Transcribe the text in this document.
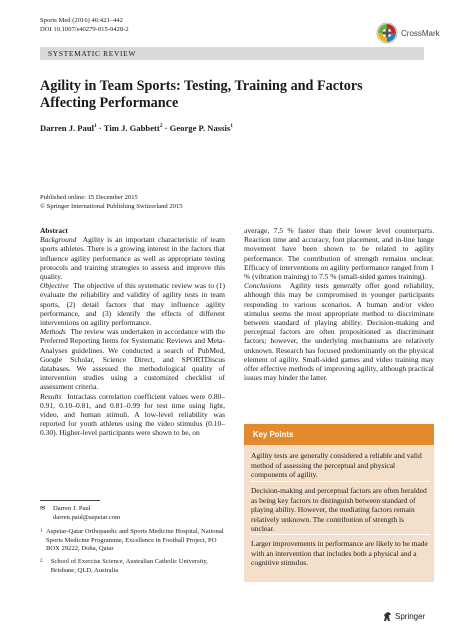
Sports Med (2016) 46:421–442
DOI 10.1007/s40279-015-0428-2	CrossMark
SYSTEMATIC REVIEW
Agility in Team Sports: Testing, Training and Factors Affecting Performance
Darren J. Paul$^1$ · Tim J. Gabbett$^2$ · George P. Nassis$^1$
Published online: 15 December 2015
© Springer International Publishing Switzerland 2015

Abstract

Background Agility is an important characteristic of team sports athletes. There is a growing interest in the factors that influence agility performance as well as appropriate testing protocols and training strategies to assess and improve this quality.

Objective The objective of this systematic review was to (1) evaluate the reliability and validity of agility tests in team sports, (2) detail factors that may influence agility performance, and (3) identify the effects of different interventions on agility performance.

Methods The review was undertaken in accordance with the Preferred Reporting Items for Systematic Reviews and Meta-Analyses guidelines. We conducted a search of PubMed, Google Scholar, Science Direct, and SPORTDiscus databases. We assessed the methodological quality of intervention studies using a customized checklist of assessment criteria.

Results Intraclass correlation coefficient values were 0.80–0.91, 0.10–0.81, and 0.81–0.99 for test time using light, video, and human stimuli. A low-level reliability was reported for youth athletes using the video stimulus (0.10–0.30). Higher-level participants were shown to be, on

average, 7.5 % faster than their lower level counterparts. Reaction time and accuracy, foot placement, and in-line lunge movement have been shown to be related to agility performance. The contribution of strength remains unclear. Efficacy of interventions on agility performance ranged from 1 % (vibration training) to 7.5 % (small-sided games training).

Conclusions Agility tests generally offer good reliability, although this may be compromised in younger participants responding to various scenarios. A human and/or video stimulus seems the most appropriate method to discriminate between standard of playing ability. Decision-making and perceptual factors are often propositioned as discriminant factors; however, the underlying mechanisms are relatively unknown. Research has focused predominantly on the physical element of agility. Small-sided games and video training may offer effective methods of improving agility, although practical issues may hinder the latter.

Key Points

Agility tests are generally considered a reliable and valid method of assessing the perceptual and physical components of agility.

Decision-making and perceptual factors are often heralded as being key factors to distinguish between standard of playing ability. However, the mediating factors remain relatively unknown. The contribution of strength is unclear.

Larger improvements in performance are likely to be made with an intervention that includes both a physical and a cognitive stimulus.

✉	Darren J. Paul
darren.paul@aspetar.com
1 Aspetar-Qatar Orthopaedic and Sports Medicine Hospital, National Sports Medicine Programme, Excellence in Football Project, PO BOX 29222, Doha, Qatar
2	School of Exercise Science, Australian Catholic University, Brisbane, QLD, Australia
Springer
